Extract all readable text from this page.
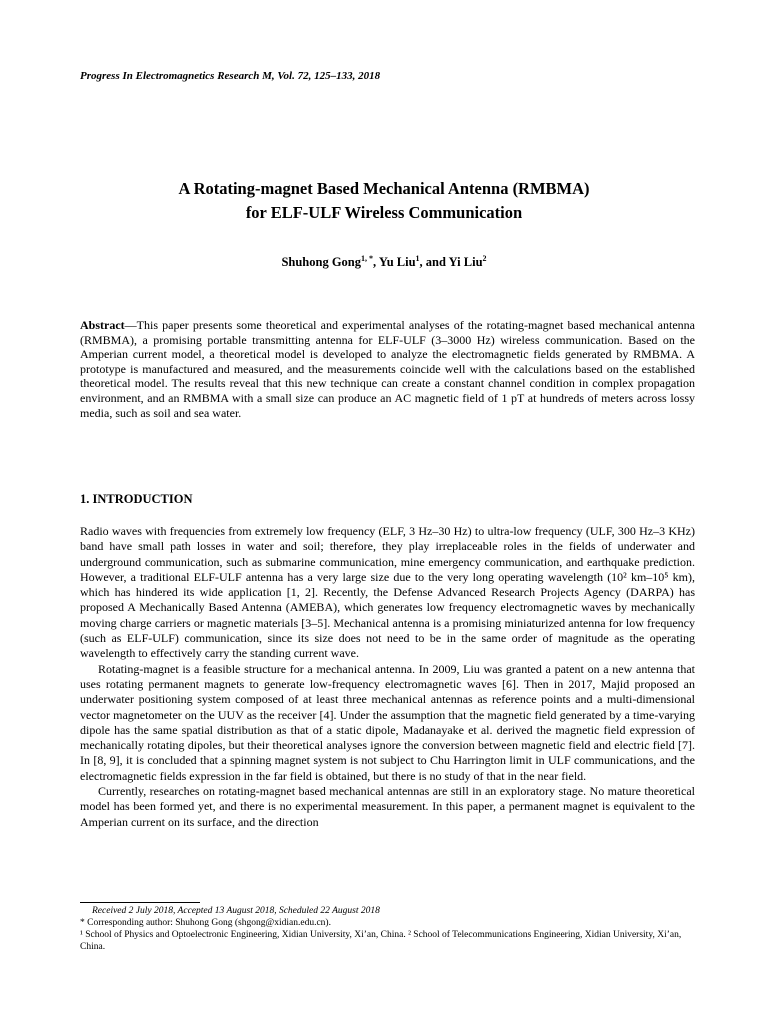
Progress In Electromagnetics Research M, Vol. 72, 125–133, 2018
A Rotating-magnet Based Mechanical Antenna (RMBMA)
for ELF-ULF Wireless Communication
Shuhong Gong$^{1, *}$, Yu Liu$^1$, and Yi Liu$^2$
Abstract—This paper presents some theoretical and experimental analyses of the rotating-magnet based mechanical antenna (RMBMA), a promising portable transmitting antenna for ELF-ULF (3–3000 Hz) wireless communication. Based on the Amperian current model, a theoretical model is developed to analyze the electromagnetic fields generated by RMBMA. A prototype is manufactured and measured, and the measurements coincide well with the calculations based on the established theoretical model. The results reveal that this new technique can create a constant channel condition in complex propagation environment, and an RMBMA with a small size can produce an AC magnetic field of 1 pT at hundreds of meters across lossy media, such as soil and sea water.
1. INTRODUCTION

Radio waves with frequencies from extremely low frequency (ELF, 3 Hz–30 Hz) to ultra-low frequency (ULF, 300 Hz–3 KHz) band have small path losses in water and soil; therefore, they play irreplaceable roles in the fields of underwater and underground communication, such as submarine communication, mine emergency communication, and earthquake prediction. However, a traditional ELF-ULF antenna has a very large size due to the very long operating wavelength (10² km–10⁵ km), which has hindered its wide application [1, 2]. Recently, the Defense Advanced Research Projects Agency (DARPA) has proposed A Mechanically Based Antenna (AMEBA), which generates low frequency electromagnetic waves by mechanically moving charge carriers or magnetic materials [3–5]. Mechanical antenna is a promising miniaturized antenna for low frequency (such as ELF-ULF) communication, since its size does not need to be in the same order of magnitude as the operating wavelength to effectively carry the standing current wave.

Rotating-magnet is a feasible structure for a mechanical antenna. In 2009, Liu was granted a patent on a new antenna that uses rotating permanent magnets to generate low-frequency electromagnetic waves [6]. Then in 2017, Majid proposed an underwater positioning system composed of at least three mechanical antennas as reference points and a multi-dimensional vector magnetometer on the UUV as the receiver [4]. Under the assumption that the magnetic field generated by a time-varying dipole has the same spatial distribution as that of a static dipole, Madanayake et al. derived the magnetic field expression of mechanically rotating dipoles, but their theoretical analyses ignore the conversion between magnetic field and electric field [7]. In [8, 9], it is concluded that a spinning magnet system is not subject to Chu Harrington limit in ULF communications, and the electromagnetic fields expression in the far field is obtained, but there is no study of that in the near field.

Currently, researches on rotating-magnet based mechanical antennas are still in an exploratory stage. No mature theoretical model has been formed yet, and there is no experimental measurement. In this paper, a permanent magnet is equivalent to the Amperian current on its surface, and the direction

Received 2 July 2018, Accepted 13 August 2018, Scheduled 22 August 2018

* Corresponding author: Shuhong Gong (shgong@xidian.edu.cn).

¹ School of Physics and Optoelectronic Engineering, Xidian University, Xi’an, China. ² School of Telecommunications Engineering, Xidian University, Xi’an, China.
